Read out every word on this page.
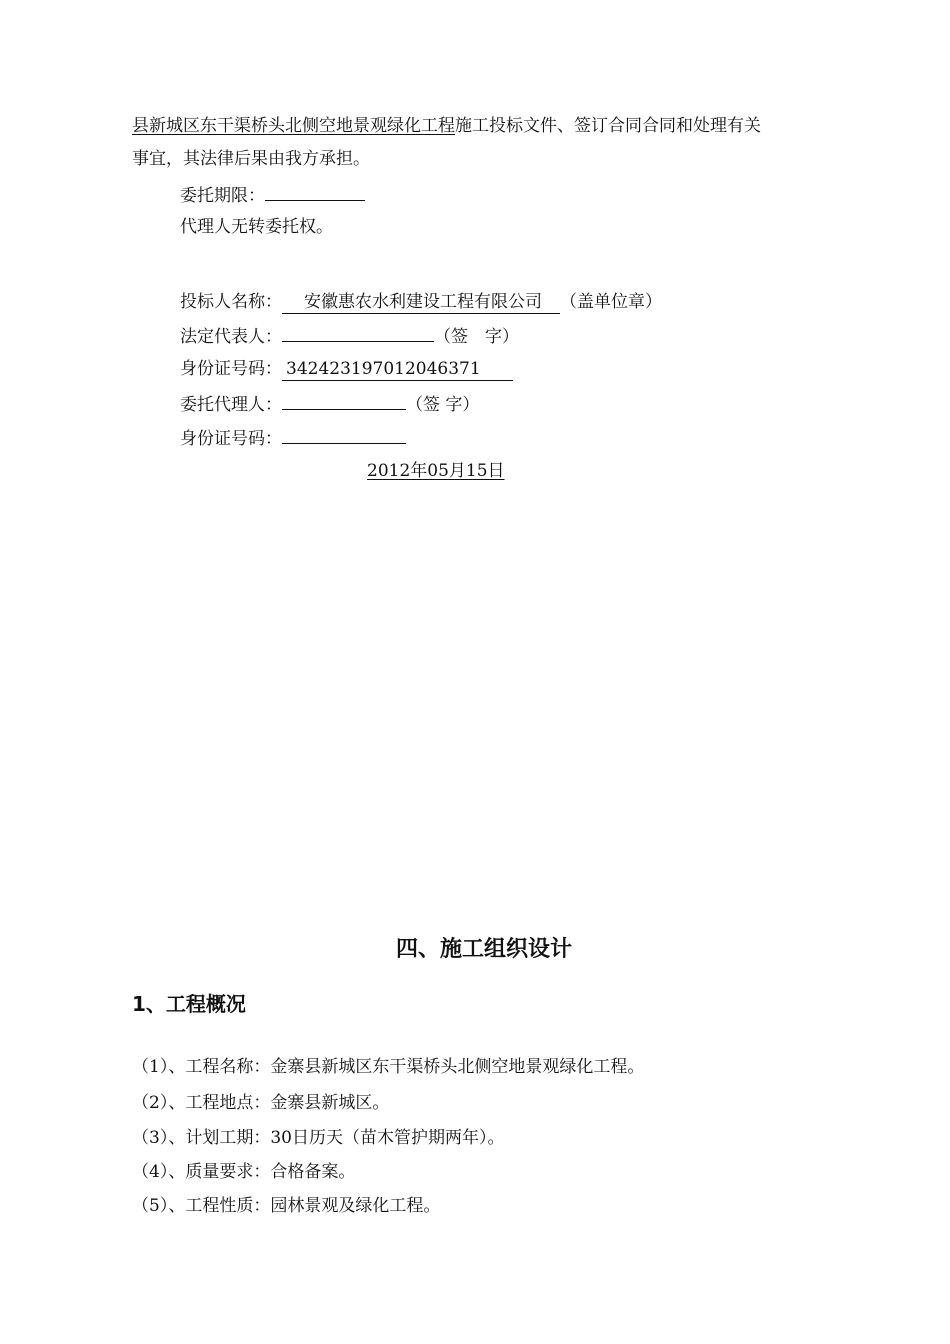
县新城区东干渠桥头北侧空地景观绿化工程施工投标文件、签订合同合同和处理有关
事宜，其法律后果由我方承担。
委托期限：
代理人无转委托权。
投标人名称： 安徽惠农水利建设工程有限公司 （盖单位章）
法定代表人：	（签　字）
身份证号码： 342423197012046371
委托代理人：	（签 字）
身份证号码：
2012年05月15日
四、施工组织设计
1、工程概况
（1）、工程名称：金寨县新城区东干渠桥头北侧空地景观绿化工程。
（2）、工程地点：金寨县新城区。
（3）、计划工期：30日历天（苗木管护期两年）。
（4）、质量要求：合格备案。
（5）、工程性质：园林景观及绿化工程。
